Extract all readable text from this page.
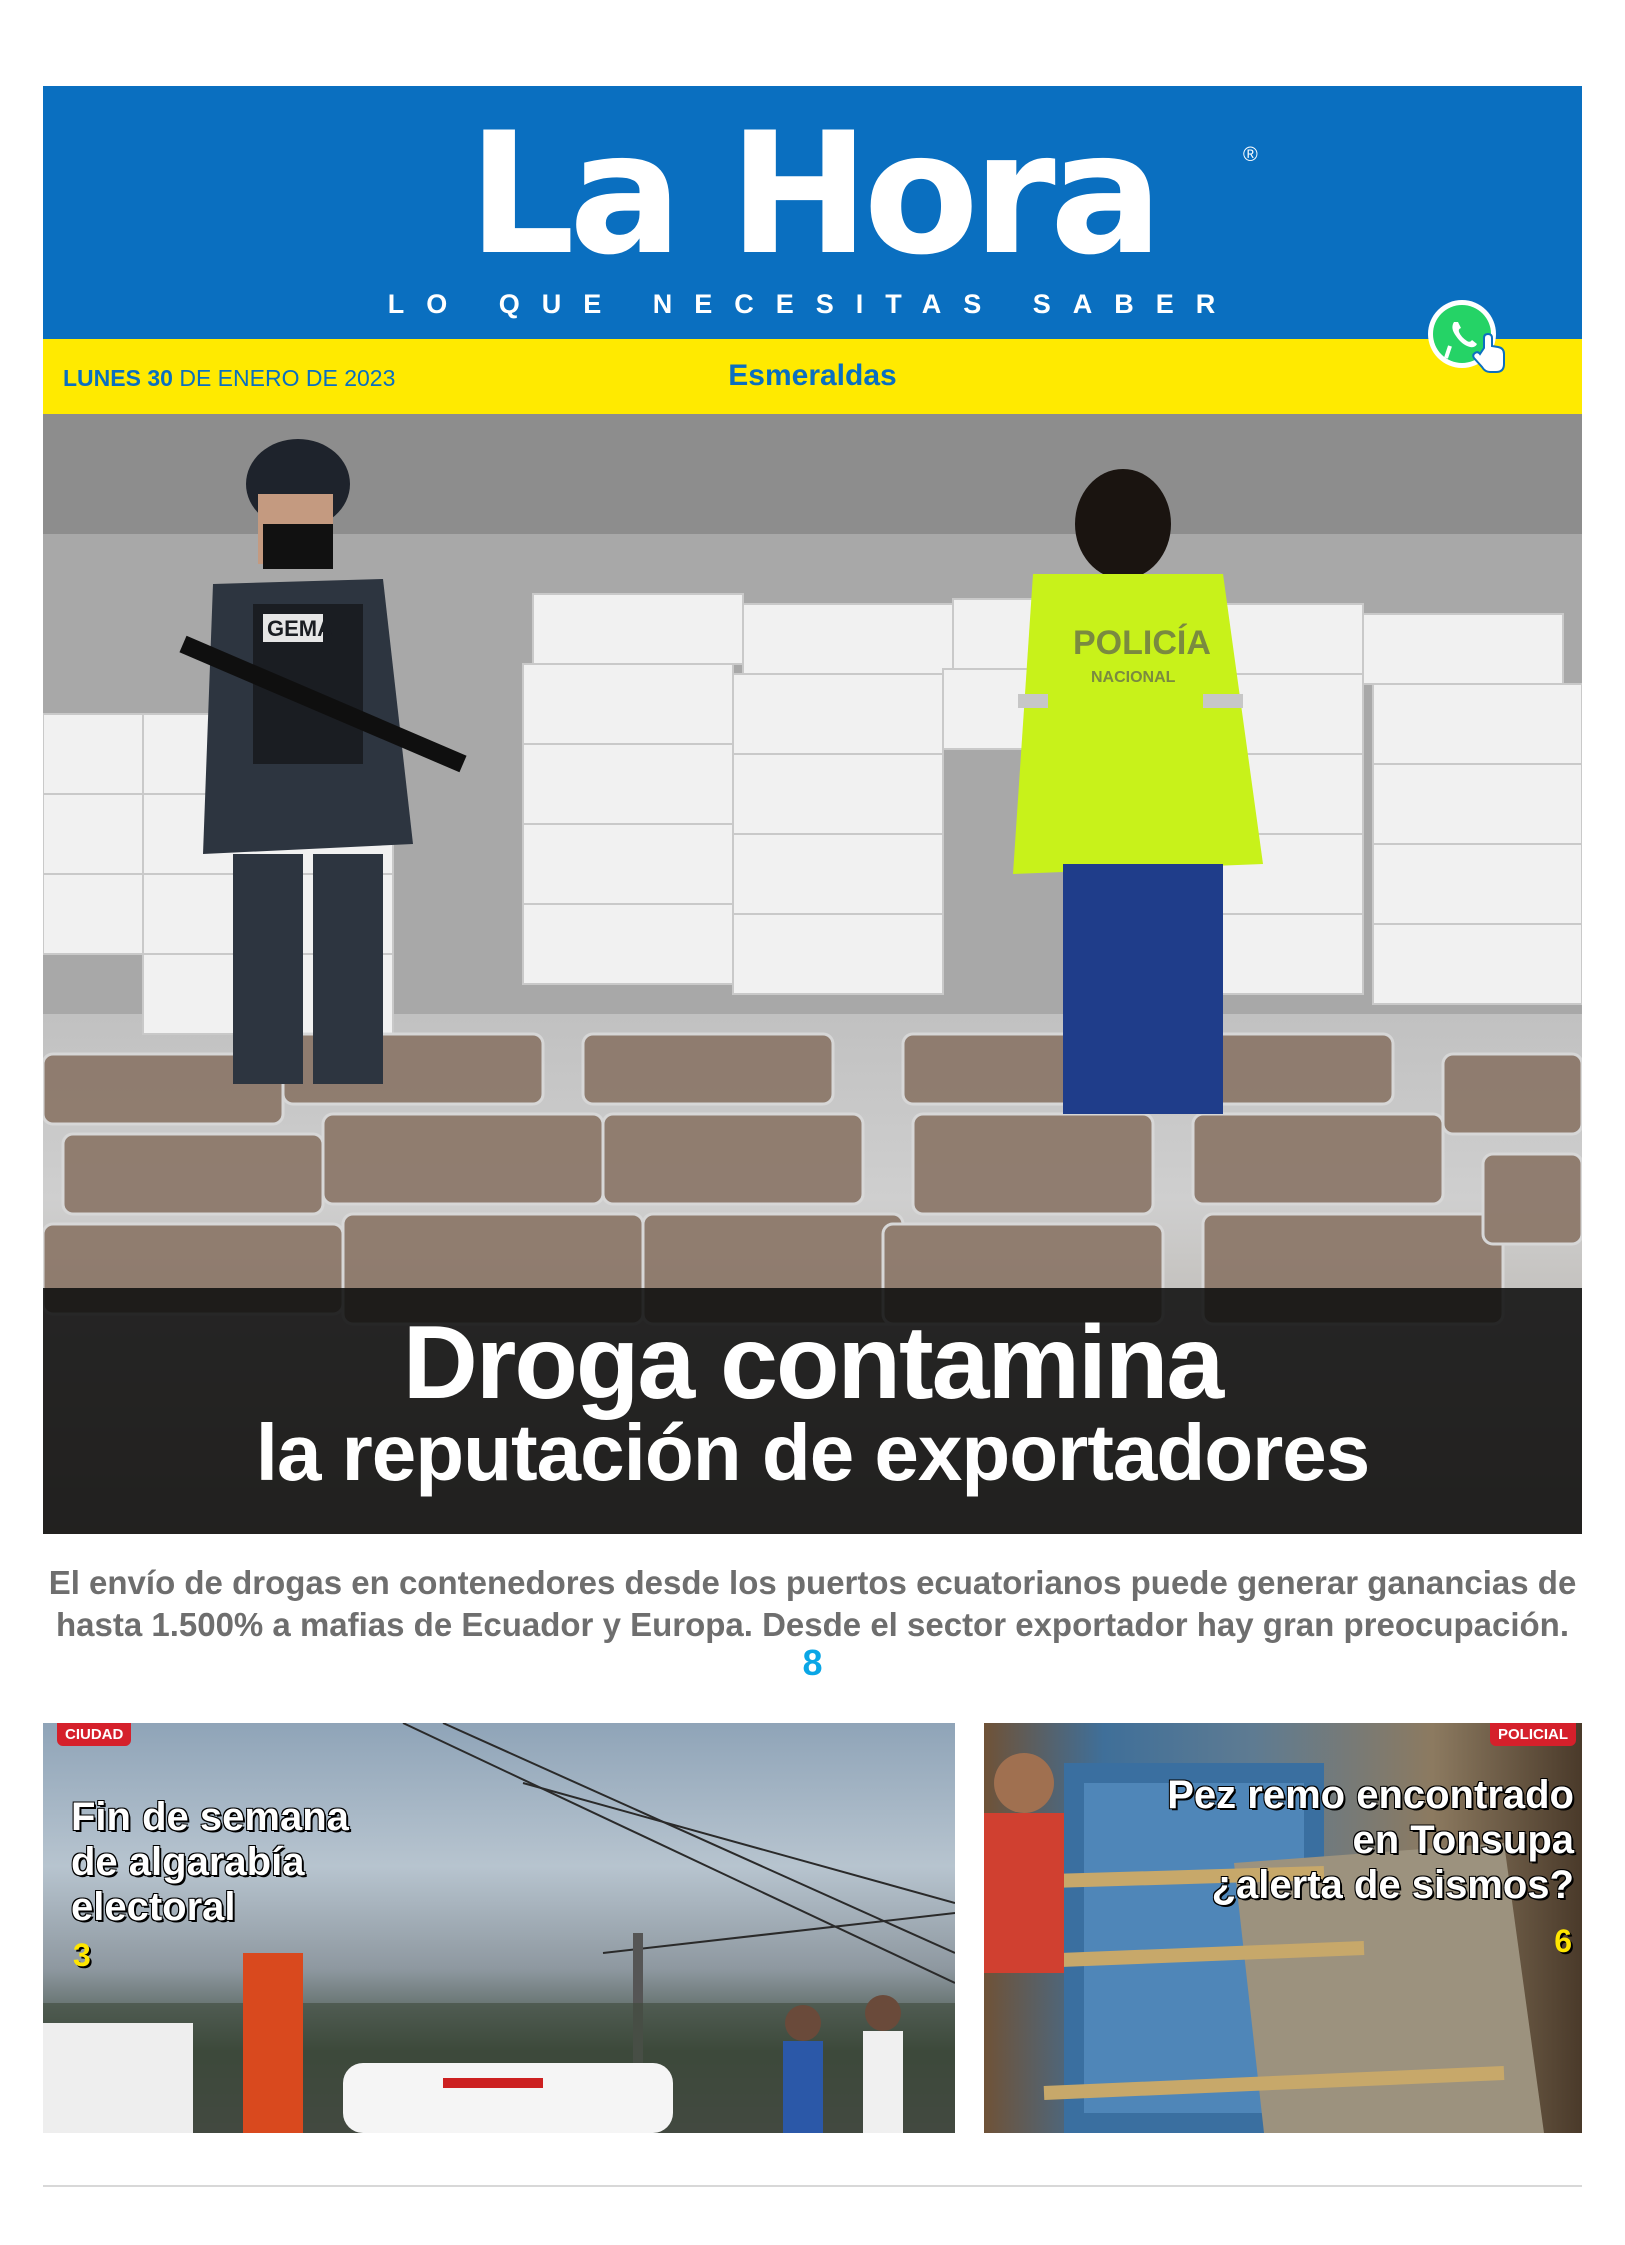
La Hora	®
LO QUE NECESITAS SABER
LUNES 30 DE ENERO DE 2023	Esmeraldas
GEMA	POLICÍA
NACIONAL
Droga contamina
la reputación de exportadores
El envío de drogas en contenedores desde los puertos ecuatorianos puede generar ganancias de hasta 1.500% a mafias de Ecuador y Europa. Desde el sector exportador hay gran preocupación.
8
CIUDAD
Fin de semana
de algarabía
electoral
3
POLICIAL
Pez remo encontrado
en Tonsupa
¿alerta de sismos?
6
